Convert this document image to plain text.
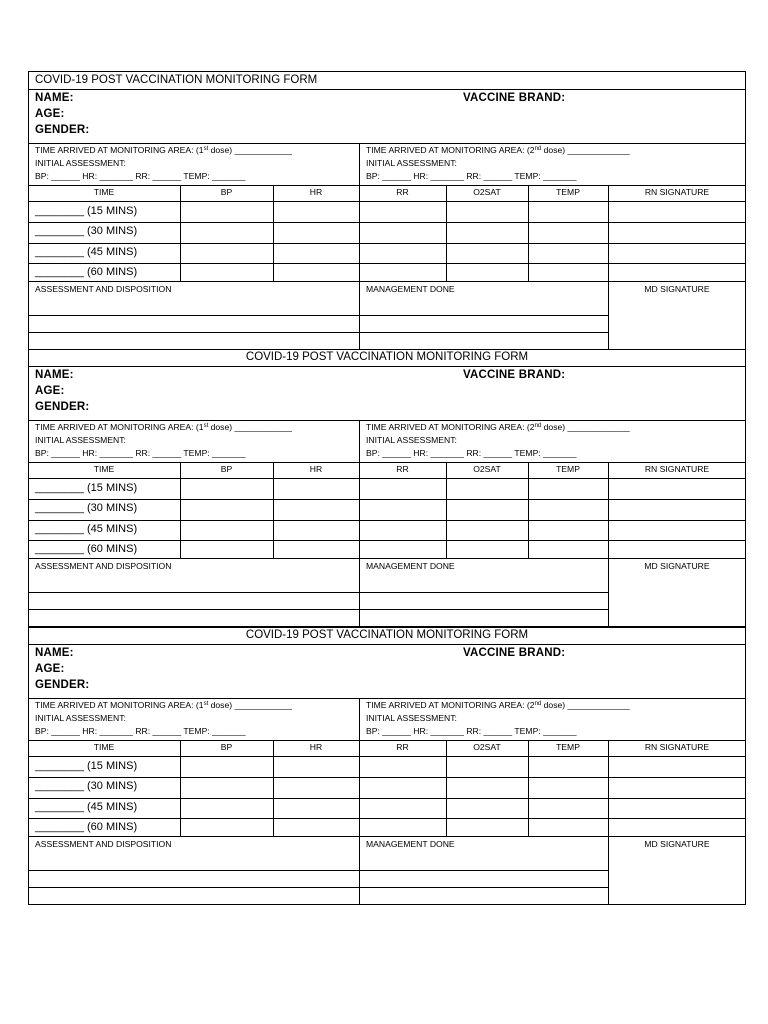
COVID-19 POST VACCINATION MONITORING FORM
NAME:
AGE:
GENDER:
VACCINE BRAND:
TIME ARRIVED AT MONITORING AREA: (1st dose) ____________
INITIAL ASSESSMENT:
BP: ______ HR: _______ RR: ______ TEMP: _______
TIME ARRIVED AT MONITORING AREA: (2nd dose) _____________
INITIAL ASSESSMENT:
BP: ______ HR: _______ RR: ______ TEMP: _______
TIME	BP	HR	RR	O2SAT	TEMP	RN SIGNATURE
________ (15 MINS)
________ (30 MINS)
________ (45 MINS)
________ (60 MINS)
ASSESSMENT AND DISPOSITION	MANAGEMENT DONE	MD SIGNATURE
COVID-19 POST VACCINATION MONITORING FORM
NAME:
AGE:
GENDER:
VACCINE BRAND:
TIME ARRIVED AT MONITORING AREA: (1st dose) ____________
INITIAL ASSESSMENT:
BP: ______ HR: _______ RR: ______ TEMP: _______
TIME ARRIVED AT MONITORING AREA: (2nd dose) _____________
INITIAL ASSESSMENT:
BP: ______ HR: _______ RR: ______ TEMP: _______
TIME	BP	HR	RR	O2SAT	TEMP	RN SIGNATURE
________ (15 MINS)
________ (30 MINS)
________ (45 MINS)
________ (60 MINS)
ASSESSMENT AND DISPOSITION	MANAGEMENT DONE	MD SIGNATURE
COVID-19 POST VACCINATION MONITORING FORM
NAME:
AGE:
GENDER:
VACCINE BRAND:
TIME ARRIVED AT MONITORING AREA: (1st dose) ____________
INITIAL ASSESSMENT:
BP: ______ HR: _______ RR: ______ TEMP: _______
TIME ARRIVED AT MONITORING AREA: (2nd dose) _____________
INITIAL ASSESSMENT:
BP: ______ HR: _______ RR: ______ TEMP: _______
TIME	BP	HR	RR	O2SAT	TEMP	RN SIGNATURE
________ (15 MINS)
________ (30 MINS)
________ (45 MINS)
________ (60 MINS)
ASSESSMENT AND DISPOSITION	MANAGEMENT DONE	MD SIGNATURE
